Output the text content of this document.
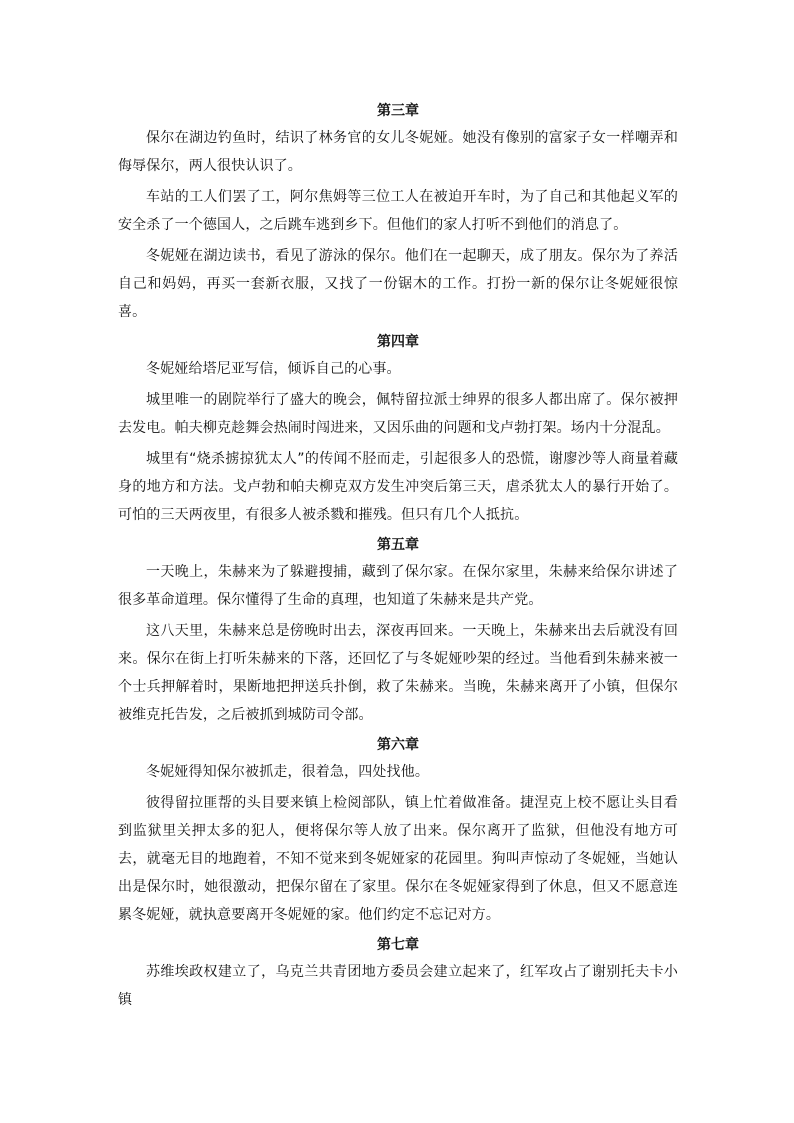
第三章

保尔在湖边钓鱼时，结识了林务官的女儿冬妮娅。她没有像别的富家子女一样嘲弄和侮辱保尔，两人很快认识了。

车站的工人们罢了工，阿尔焦姆等三位工人在被迫开车时，为了自己和其他起义军的安全杀了一个德国人，之后跳车逃到乡下。但他们的家人打听不到他们的消息了。

冬妮娅在湖边读书，看见了游泳的保尔。他们在一起聊天，成了朋友。保尔为了养活自己和妈妈，再买一套新衣服，又找了一份锯木的工作。打扮一新的保尔让冬妮娅很惊喜。

第四章

冬妮娅给塔尼亚写信，倾诉自己的心事。

城里唯一的剧院举行了盛大的晚会，佩特留拉派士绅界的很多人都出席了。保尔被押去发电。帕夫柳克趁舞会热闹时闯进来，又因乐曲的问题和戈卢勃打架。场内十分混乱。

城里有“烧杀掳掠犹太人”的传闻不胫而走，引起很多人的恐慌，谢廖沙等人商量着藏身的地方和方法。戈卢勃和帕夫柳克双方发生冲突后第三天，虐杀犹太人的暴行开始了。可怕的三天两夜里，有很多人被杀戮和摧残。但只有几个人抵抗。

第五章

一天晚上，朱赫来为了躲避搜捕，藏到了保尔家。在保尔家里，朱赫来给保尔讲述了很多革命道理。保尔懂得了生命的真理，也知道了朱赫来是共产党。

这八天里，朱赫来总是傍晚时出去，深夜再回来。一天晚上，朱赫来出去后就没有回来。保尔在街上打听朱赫来的下落，还回忆了与冬妮娅吵架的经过。当他看到朱赫来被一个士兵押解着时，果断地把押送兵扑倒，救了朱赫来。当晚，朱赫来离开了小镇，但保尔被维克托告发，之后被抓到城防司令部。

第六章

冬妮娅得知保尔被抓走，很着急，四处找他。

彼得留拉匪帮的头目要来镇上检阅部队，镇上忙着做准备。捷涅克上校不愿让头目看到监狱里关押太多的犯人，便将保尔等人放了出来。保尔离开了监狱，但他没有地方可去，就毫无目的地跑着，不知不觉来到冬妮娅家的花园里。狗叫声惊动了冬妮娅，当她认出是保尔时，她很激动，把保尔留在了家里。保尔在冬妮娅家得到了休息，但又不愿意连累冬妮娅，就执意要离开冬妮娅的家。他们约定不忘记对方。

第七章

苏维埃政权建立了，乌克兰共青团地方委员会建立起来了，红军攻占了谢别托夫卡小镇
